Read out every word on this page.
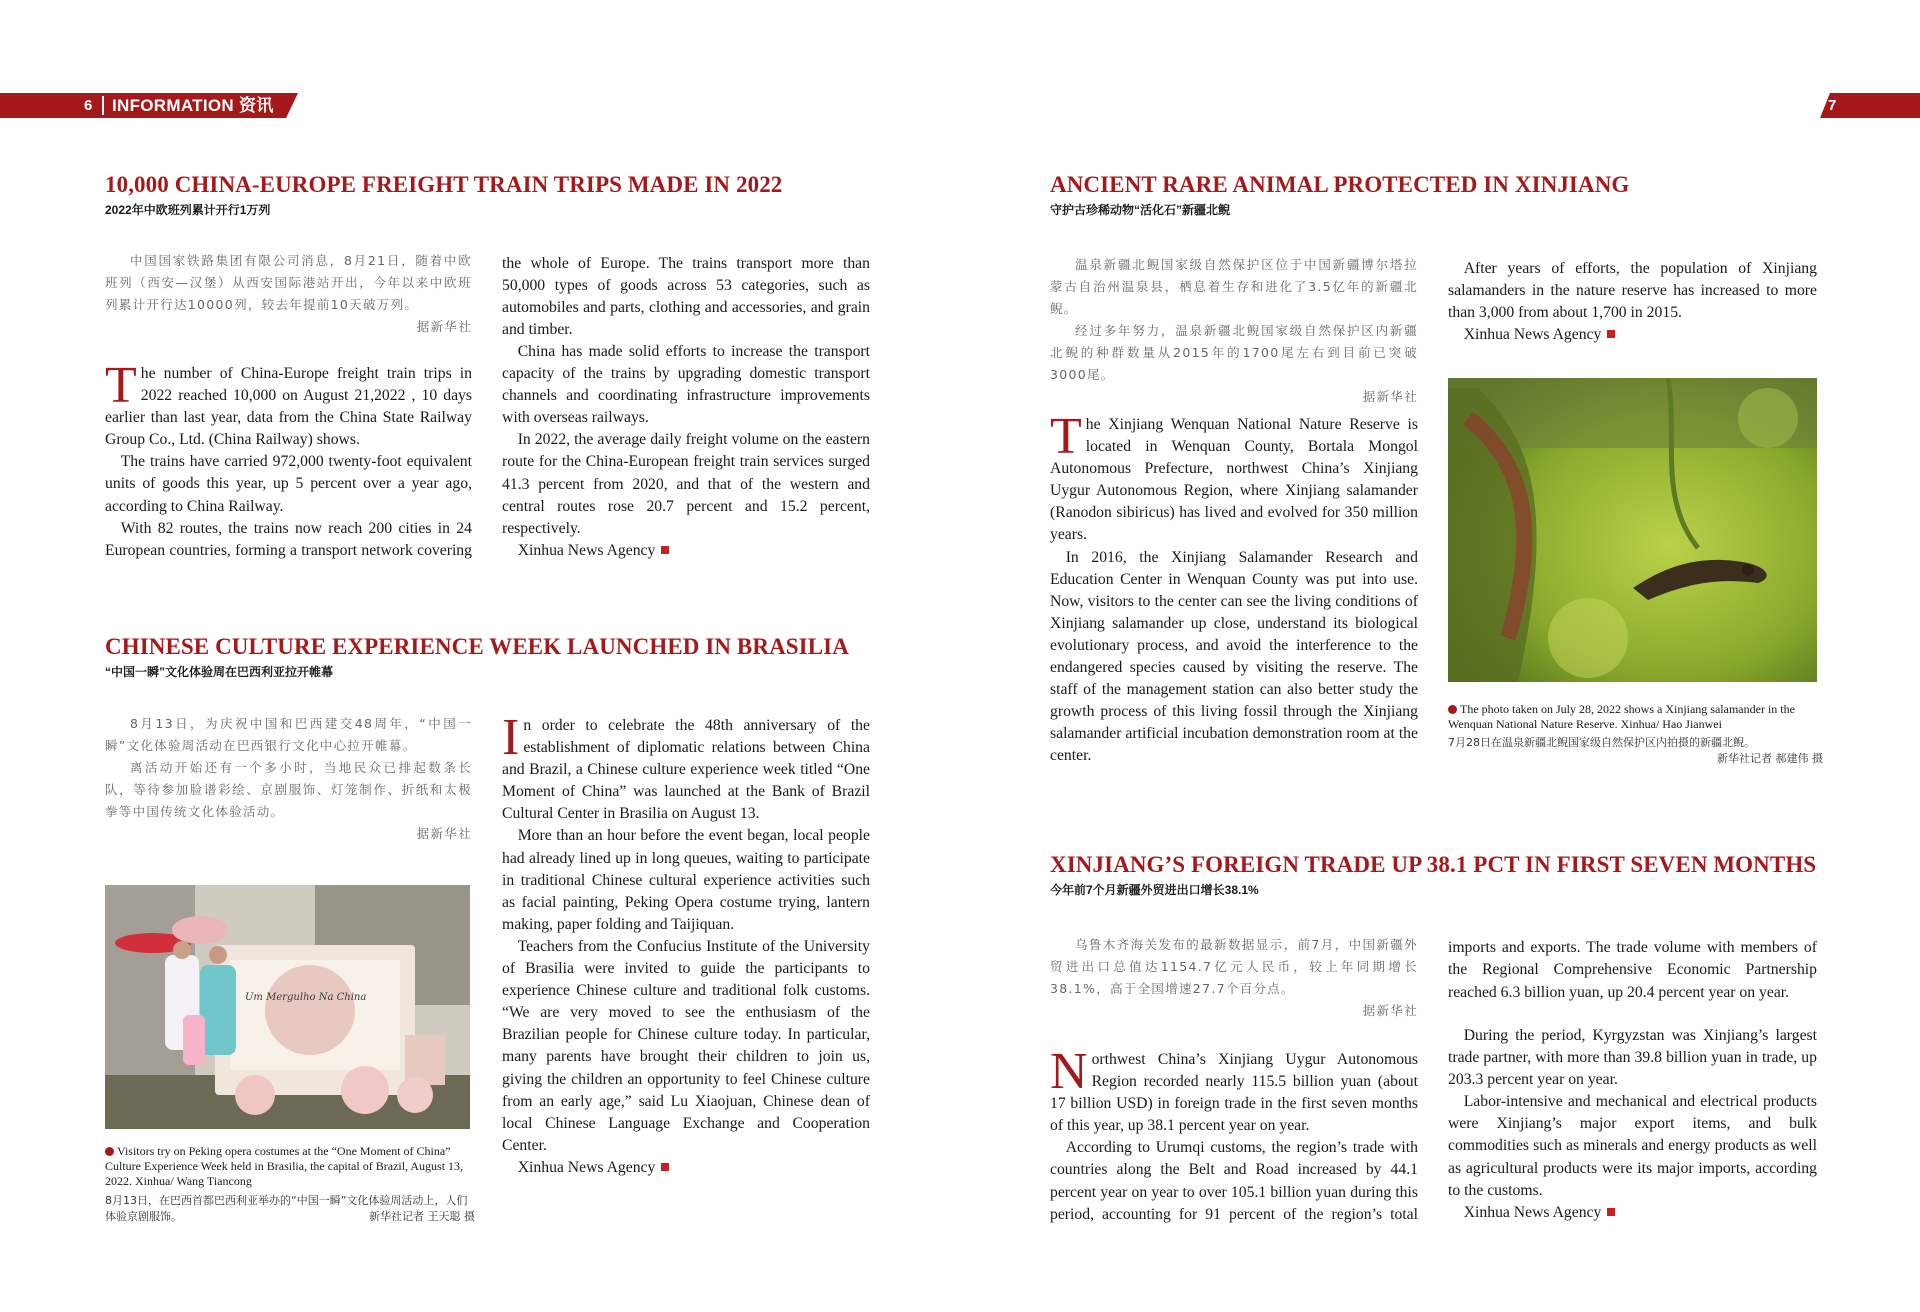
6 INFORMATION 资讯	7
10,000 CHINA-EUROPE FREIGHT TRAIN TRIPS MADE IN 2022
2022年中欧班列累计开行1万列

中国国家铁路集团有限公司消息，8月21日，随着中欧班列（西安—汉堡）从西安国际港站开出，今年以来中欧班列累计开行达10000列，较去年提前10天破万列。

据新华社

The number of China-Europe freight train trips in 2022 reached 10,000 on August 21,2022 , 10 days earlier than last year, data from the China State Railway Group Co., Ltd. (China Railway) shows.

The trains have carried 972,000 twenty-foot equivalent units of goods this year, up 5 percent over a year ago, according to China Railway.

With 82 routes, the trains now reach 200 cities in 24 European countries, forming a transport network covering

the whole of Europe. The trains transport more than 50,000 types of goods across 53 categories, such as automobiles and parts, clothing and accessories, and grain and timber.

China has made solid efforts to increase the transport capacity of the trains by upgrading domestic transport channels and coordinating infrastructure improvements with overseas railways.

In 2022, the average daily freight volume on the eastern route for the China-European freight train services surged 41.3 percent from 2020, and that of the western and central routes rose 20.7 percent and 15.2 percent, respectively.

Xinhua News Agency

CHINESE CULTURE EXPERIENCE WEEK LAUNCHED IN BRASILIA
“中国一瞬”文化体验周在巴西利亚拉开帷幕

8月13日，为庆祝中国和巴西建交48周年，“中国一瞬”文化体验周活动在巴西银行文化中心拉开帷幕。

离活动开始还有一个多小时，当地民众已排起数条长队，等待参加脸谱彩绘、京剧服饰、灯笼制作、折纸和太极拳等中国传统文化体验活动。

据新华社

Um Mergulho Na China
Visitors try on Peking opera costumes at the “One Moment of China” Culture Experience Week held in Brasilia, the capital of Brazil, August 13, 2022. Xinhua/ Wang Tiancong
8月13日，在巴西首都巴西利亚举办的“中国一瞬”文化体验周活动上，人们体验京剧服饰。	新华社记者 王天聪 摄

In order to celebrate the 48th anniversary of the establishment of diplomatic relations between China and Brazil, a Chinese culture experience week titled “One Moment of China” was launched at the Bank of Brazil Cultural Center in Brasilia on August 13.

More than an hour before the event began, local people had already lined up in long queues, waiting to participate in traditional Chinese cultural experience activities such as facial painting, Peking Opera costume trying, lantern making, paper folding and Taijiquan.

Teachers from the Confucius Institute of the University of Brasilia were invited to guide the participants to experience Chinese culture and traditional folk customs. “We are very moved to see the enthusiasm of the Brazilian people for Chinese culture today. In particular, many parents have brought their children to join us, giving the children an opportunity to feel Chinese culture from an early age,” said Lu Xiaojuan, Chinese dean of local Chinese Language Exchange and Cooperation Center.

Xinhua News Agency

ANCIENT RARE ANIMAL PROTECTED IN XINJIANG
守护古珍稀动物“活化石”新疆北鲵

温泉新疆北鲵国家级自然保护区位于中国新疆博尔塔拉蒙古自治州温泉县，栖息着生存和进化了3.5亿年的新疆北鲵。

经过多年努力，温泉新疆北鲵国家级自然保护区内新疆北鲵的种群数量从2015年的1700尾左右到目前已突破3000尾。

据新华社

The Xinjiang Wenquan National Nature Reserve is located in Wenquan County, Bortala Mongol Autonomous Prefecture, northwest China’s Xinjiang Uygur Autonomous Region, where Xinjiang salamander (Ranodon sibiricus) has lived and evolved for 350 million years.

In 2016, the Xinjiang Salamander Research and Education Center in Wenquan County was put into use. Now, visitors to the center can see the living conditions of Xinjiang salamander up close, understand its biological evolutionary process, and avoid the interference to the endangered species caused by visiting the reserve. The staff of the management station can also better study the growth process of this living fossil through the Xinjiang salamander artificial incubation demonstration room at the center.

After years of efforts, the population of Xinjiang salamanders in the nature reserve has increased to more than 3,000 from about 1,700 in 2015.

Xinhua News Agency

The photo taken on July 28, 2022 shows a Xinjiang salamander in the Wenquan National Nature Reserve. Xinhua/ Hao Jianwei
7月28日在温泉新疆北鲵国家级自然保护区内拍摄的新疆北鲵。
新华社记者 郝建伟 摄
XINJIANG’S FOREIGN TRADE UP 38.1 PCT IN FIRST SEVEN MONTHS
今年前7个月新疆外贸进出口增长38.1%

乌鲁木齐海关发布的最新数据显示，前7月，中国新疆外贸进出口总值达1154.7亿元人民币，较上年同期增长38.1%，高于全国增速27.7个百分点。

据新华社

Northwest China’s Xinjiang Uygur Autonomous Region recorded nearly 115.5 billion yuan (about 17 billion USD) in foreign trade in the first seven months of this year, up 38.1 percent year on year.

According to Urumqi customs, the region’s trade with countries along the Belt and Road increased by 44.1 percent year on year to over 105.1 billion yuan during this period, accounting for 91 percent of the region’s total

imports and exports. The trade volume with members of the Regional Comprehensive Economic Partnership reached 6.3 billion yuan, up 20.4 percent year on year.

During the period, Kyrgyzstan was Xinjiang’s largest trade partner, with more than 39.8 billion yuan in trade, up 203.3 percent year on year.

Labor-intensive and mechanical and electrical products were Xinjiang’s major export items, and bulk commodities such as minerals and energy products as well as agricultural products were its major imports, according to the customs.

Xinhua News Agency
